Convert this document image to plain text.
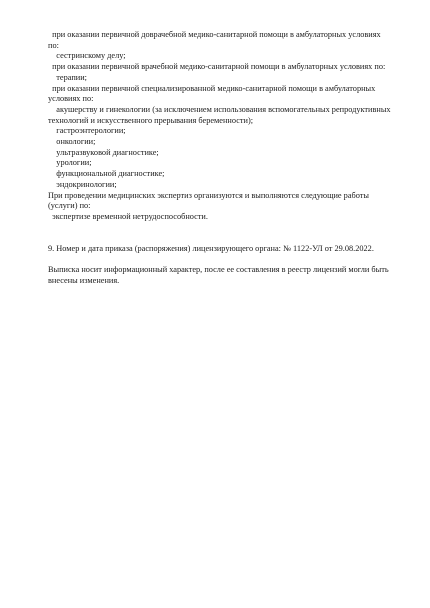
при оказании первичной доврачебной медико-санитарной помощи в амбулаторных условиях

по:

сестринскому делу;

при оказании первичной врачебной медико-санитарной помощи в амбулаторных условиях по:

терапии;

при оказании первичной специализированной медико-санитарной помощи в амбулаторных

условиях по:

акушерству и гинекологии (за исключением использования вспомогательных репродуктивных

технологий и искусственного прерывания беременности);

гастроэнтерологии;

онкологии;

ультразвуковой диагностике;

урологии;

функциональной диагностике;

эндокринологии;

При проведении медицинских экспертиз организуются и выполняются следующие работы

(услуги) по:

экспертизе временной нетрудоспособности.

9. Номер и дата приказа (распоряжения) лицензирующего органа: № 1122-УЛ от 29.08.2022.

Выписка носит информационный характер, после ее составления в реестр лицензий могли быть

внесены изменения.
